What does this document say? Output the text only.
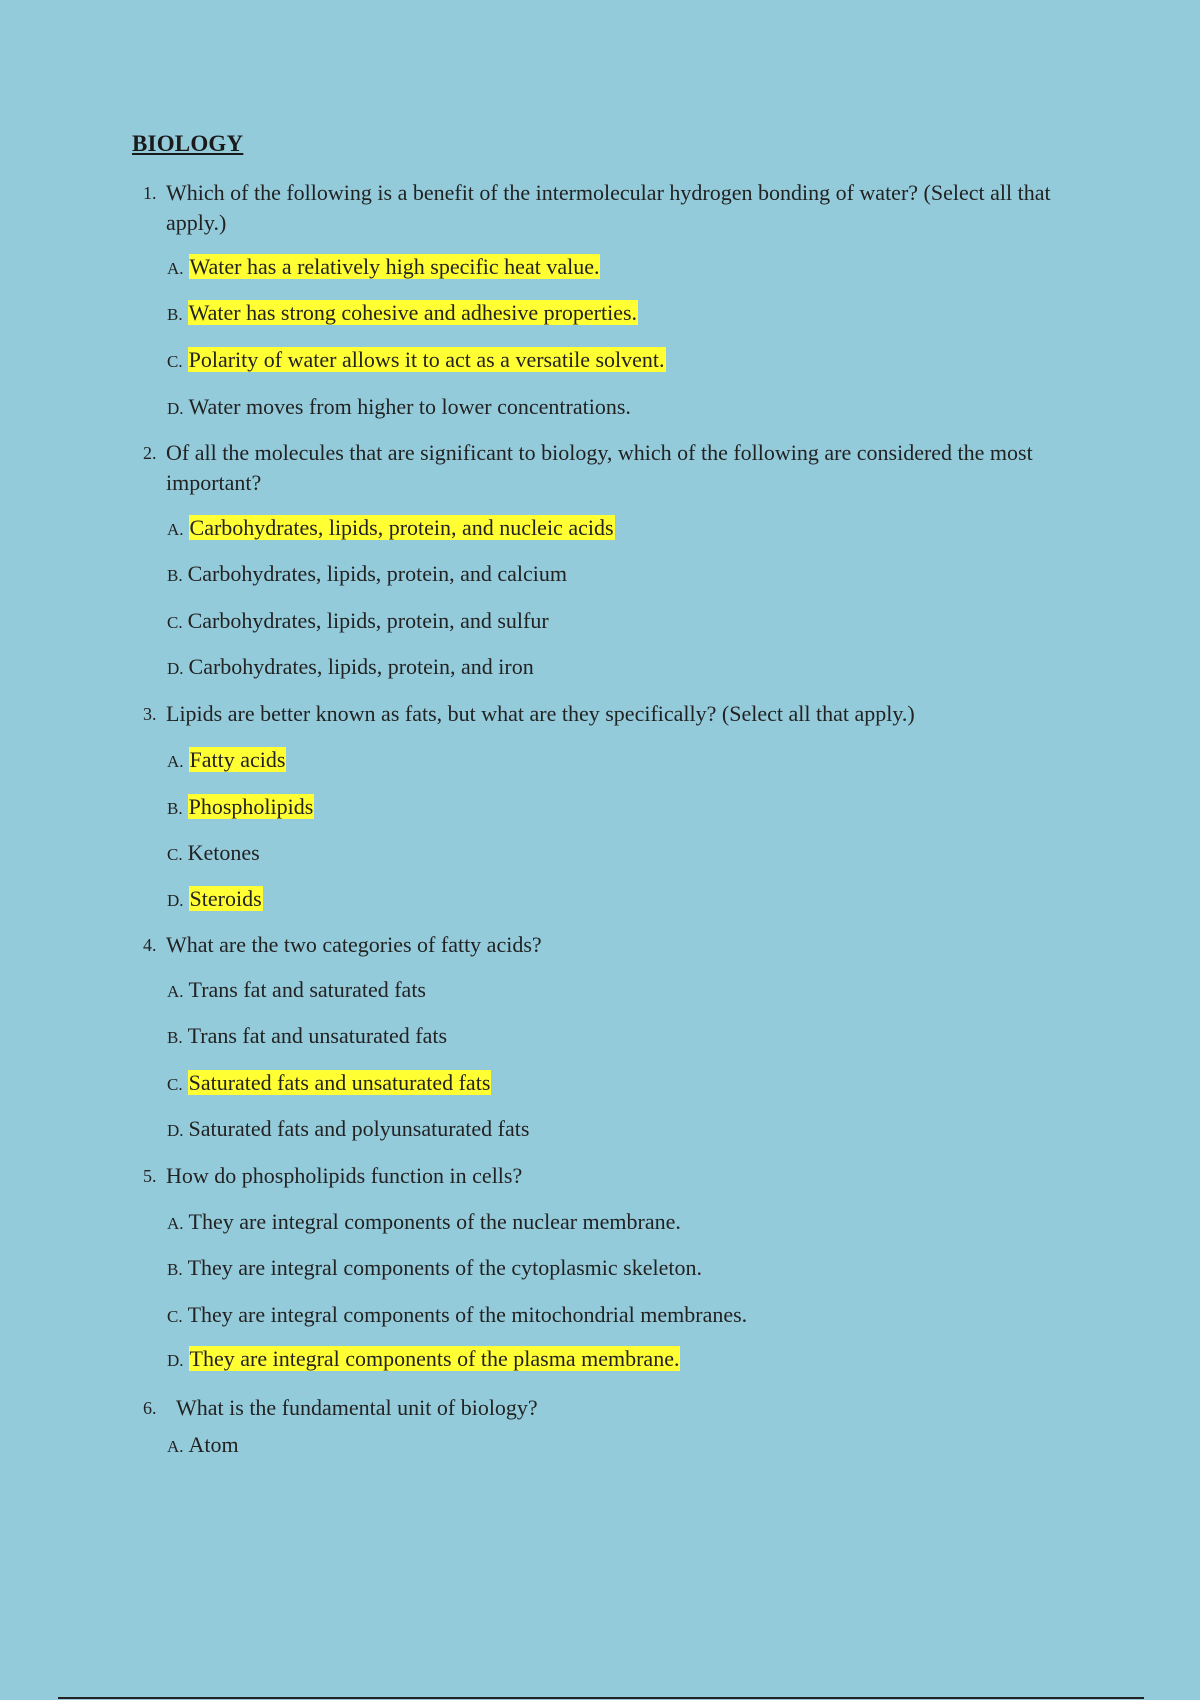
BIOLOGY
1. Which of the following is a benefit of the intermolecular hydrogen bonding of water? (Select all that apply.)
A. Water has a relatively high specific heat value.
B. Water has strong cohesive and adhesive properties.
C. Polarity of water allows it to act as a versatile solvent.
D. Water moves from higher to lower concentrations.
2. Of all the molecules that are significant to biology, which of the following are considered the most important?
A. Carbohydrates, lipids, protein, and nucleic acids
B. Carbohydrates, lipids, protein, and calcium
C. Carbohydrates, lipids, protein, and sulfur
D. Carbohydrates, lipids, protein, and iron
3. Lipids are better known as fats, but what are they specifically? (Select all that apply.)
A. Fatty acids
B. Phospholipids
C. Ketones
D. Steroids
4. What are the two categories of fatty acids?
A. Trans fat and saturated fats
B. Trans fat and unsaturated fats
C. Saturated fats and unsaturated fats
D. Saturated fats and polyunsaturated fats
5. How do phospholipids function in cells?
A. They are integral components of the nuclear membrane.
B. They are integral components of the cytoplasmic skeleton.
C. They are integral components of the mitochondrial membranes.
D. They are integral components of the plasma membrane.
6. What is the fundamental unit of biology?
A. Atom
